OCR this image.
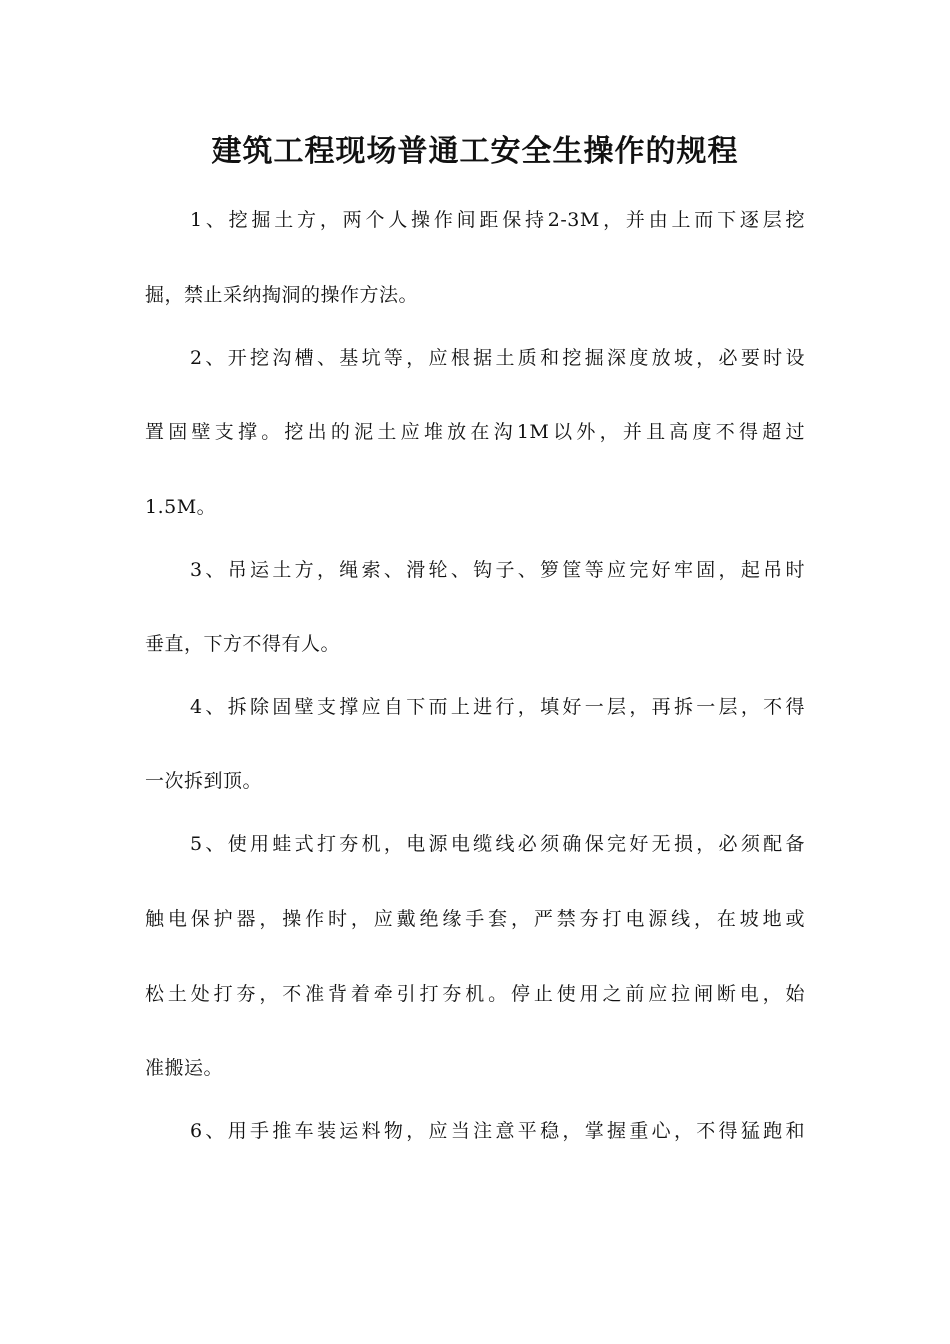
建筑工程现场普通工安全生操作的规程

1、挖掘土方，两个人操作间距保持2-3M，并由上而下逐层挖

掘，禁止采纳掏洞的操作方法。

2、开挖沟槽、基坑等，应根据土质和挖掘深度放坡，必要时设

置固壁支撑。挖出的泥土应堆放在沟1M以外，并且高度不得超过

1.5M。

3、吊运土方，绳索、滑轮、钩子、箩筐等应完好牢固，起吊时

垂直，下方不得有人。

4、拆除固壁支撑应自下而上进行，填好一层，再拆一层，不得

一次拆到顶。

5、使用蛙式打夯机，电源电缆线必须确保完好无损，必须配备

触电保护器，操作时，应戴绝缘手套，严禁夯打电源线，在坡地或

松土处打夯，不准背着牵引打夯机。停止使用之前应拉闸断电，始

准搬运。

6、用手推车装运料物，应当注意平稳，掌握重心，不得猛跑和
